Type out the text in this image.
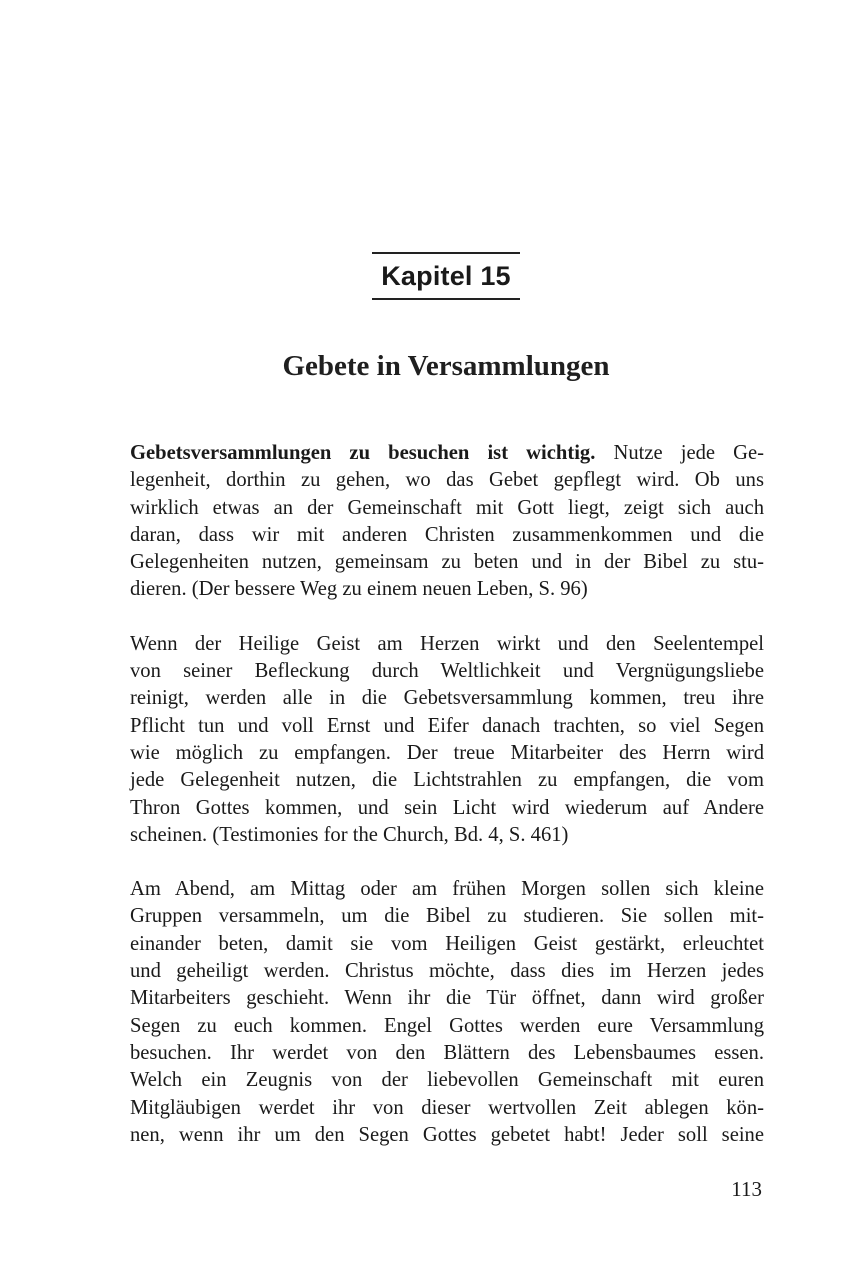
Kapitel 15
Gebete in Versammlungen

Gebetsversammlungen zu besuchen ist wichtig. Nutze jede Ge-
legenheit, dorthin zu gehen, wo das Gebet gepflegt wird. Ob uns
wirklich etwas an der Gemeinschaft mit Gott liegt, zeigt sich auch
daran, dass wir mit anderen Christen zusammenkommen und die
Gelegenheiten nutzen, gemeinsam zu beten und in der Bibel zu stu-
dieren. (Der bessere Weg zu einem neuen Leben, S. 96)

Wenn der Heilige Geist am Herzen wirkt und den Seelentempel
von seiner Befleckung durch Weltlichkeit und Vergnügungsliebe
reinigt, werden alle in die Gebetsversammlung kommen, treu ihre
Pflicht tun und voll Ernst und Eifer danach trachten, so viel Segen
wie möglich zu empfangen. Der treue Mitarbeiter des Herrn wird
jede Gelegenheit nutzen, die Lichtstrahlen zu empfangen, die vom
Thron Gottes kommen, und sein Licht wird wiederum auf Andere
scheinen. (Testimonies for the Church, Bd. 4, S. 461)

Am Abend, am Mittag oder am frühen Morgen sollen sich kleine
Gruppen versammeln, um die Bibel zu studieren. Sie sollen mit-
einander beten, damit sie vom Heiligen Geist gestärkt, erleuchtet
und geheiligt werden. Christus möchte, dass dies im Herzen jedes
Mitarbeiters geschieht. Wenn ihr die Tür öffnet, dann wird großer
Segen zu euch kommen. Engel Gottes werden eure Versammlung
besuchen. Ihr werdet von den Blättern des Lebensbaumes essen.
Welch ein Zeugnis von der liebevollen Gemeinschaft mit euren
Mitgläubigen werdet ihr von dieser wertvollen Zeit ablegen kön-
nen, wenn ihr um den Segen Gottes gebetet habt! Jeder soll seine

113
